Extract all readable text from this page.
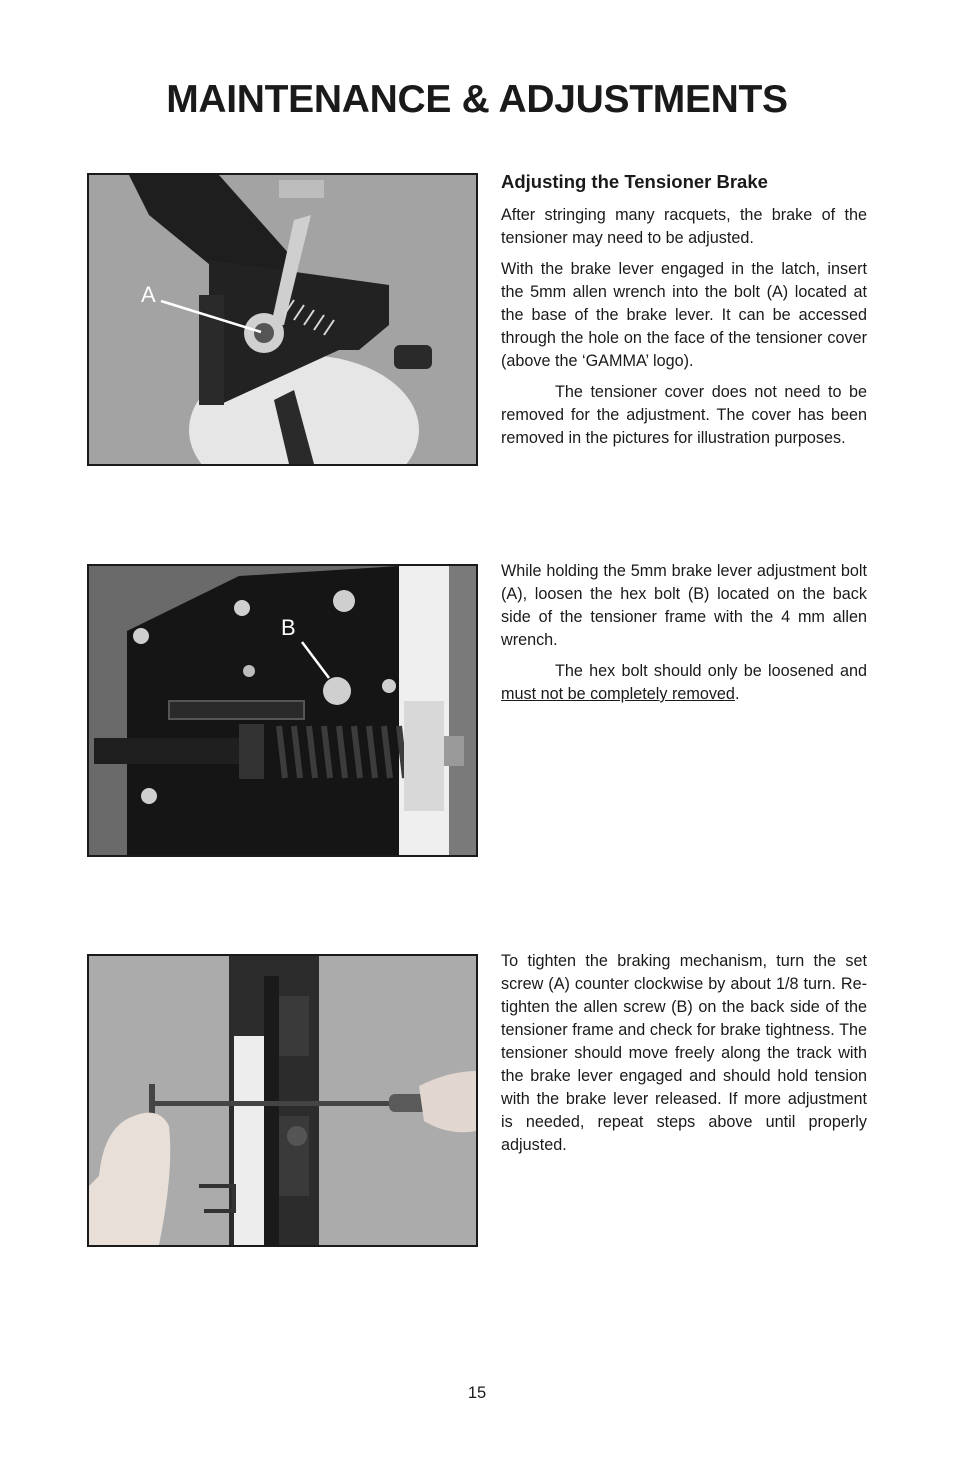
MAINTENANCE & ADJUSTMENTS
A
Adjusting the Tensioner Brake

After stringing many racquets, the brake of the tensioner may need to be adjusted.

With the brake lever engaged in the latch, insert the 5mm allen wrench into the bolt (A) located at the base of the brake lever. It can be accessed through the hole on the face of the tensioner cover (above the ‘GAMMA’ logo).

The tensioner cover does not need to be removed for the adjustment. The cover has been removed in the pictures for illustration purposes.

B

While holding the 5mm brake lever adjustment bolt (A), loosen the hex bolt (B) located on the back side of the tensioner frame with the 4 mm allen wrench.

The hex bolt should only be loosened and must not be completely removed.

To tighten the braking mechanism, turn the set screw (A) counter clockwise by about 1/8 turn. Re-tighten the allen screw (B) on the back side of the tensioner frame and check for brake tightness. The tensioner should move freely along the track with the brake lever engaged and should hold tension with the brake lever released. If more adjustment is needed, repeat steps above until properly adjusted.

15
